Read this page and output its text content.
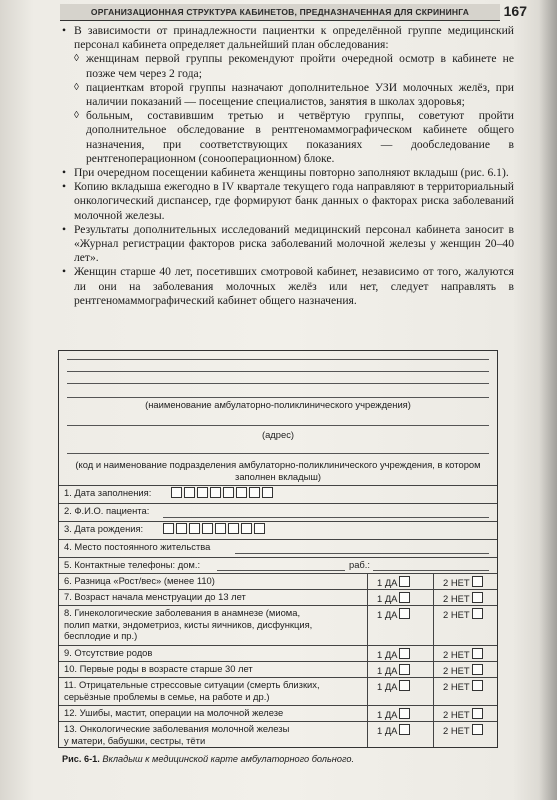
ОРГАНИЗАЦИОННАЯ СТРУКТУРА КАБИНЕТОВ, ПРЕДНАЗНАЧЕННАЯ ДЛЯ СКРИНИНГА 167

• В зависимости от принадлежности пациентки к определённой группе медицинский персонал кабинета определяет дальнейший план обследования:

◊ женщинам первой группы рекомендуют пройти очередной осмотр в кабинете не позже чем через 2 года;

◊ пациенткам второй группы назначают дополнительное УЗИ молочных желёз, при наличии показаний — посещение специалистов, занятия в школах здоровья;

◊ больным, составившим третью и четвёртую группы, советуют пройти дополнительное обследование в рентгеномаммографическом кабинете общего назначения, при соответствующих показаниях — дообследование в рентгеноперационном (сонооперационном) блоке.

• При очередном посещении кабинета женщины повторно заполняют вкладыш (рис. 6.1).

• Копию вкладыша ежегодно в IV квартале текущего года направляют в территориальный онкологический диспансер, где формируют банк данных о факторах риска заболеваний молочной железы.

• Результаты дополнительных исследований медицинский персонал кабинета заносит в «Журнал регистрации факторов риска заболеваний молочной железы у женщин 20–40 лет».

• Женщин старше 40 лет, посетивших смотровой кабинет, независимо от того, жалуются ли они на заболевания молочных желёз или нет, следует направлять в рентгеномаммографический кабинет общего назначения.

(наименование амбулаторно-поликлинического учреждения)
(адрес)
(код и наименование подразделения амбулаторно-поликлинического учреждения, в котором
заполнен вкладыш)
1. Дата заполнения:
2. Ф.И.О. пациента:
3. Дата рождения:
4. Место постоянного жительства
5. Контактные телефоны: дом.:	раб.:
6. Разница «Рост/вес» (менее 110)	1 ДА	2 НЕТ
7. Возраст начала менструации до 13 лет	1 ДА	2 НЕТ
8. Гинекологические заболевания в анамнезе (миома,
полип матки, эндометриоз, кисты яичников, дисфункция,
бесплодие и пр.)
1 ДА	2 НЕТ
9. Отсутствие родов	1 ДА	2 НЕТ
10. Первые роды в возрасте старше 30 лет	1 ДА	2 НЕТ
11. Отрицательные стрессовые ситуации (смерть близких,
серьёзные проблемы в семье, на работе и др.)
1 ДА	2 НЕТ
12. Ушибы, мастит, операции на молочной железе	1 ДА	2 НЕТ
13. Онкологические заболевания молочной железы
у матери, бабушки, сестры, тёти
1 ДА	2 НЕТ
Рис. 6-1. Вкладыш к медицинской карте амбулаторного больного.
